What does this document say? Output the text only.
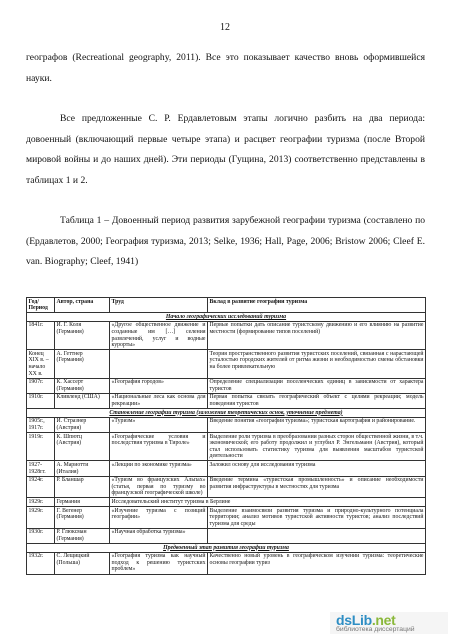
12

географов (Recreational geography, 2011). Все это показывает качество вновь оформившейся науки.

Все предложенные С. Р. Ердавлетовым этапы логично разбить на два периода: довоенный (включающий первые четыре этапа) и расцвет географии туризма (после Второй мировой войны и до наших дней). Эти периоды (Гущина, 2013) соответственно представлены в таблицах 1 и 2.

Таблица 1 – Довоенный период развития зарубежной географии туризма (составлено по (Ердавлетов, 2000; География туризма, 2013; Selke, 1936; Hall, Page, 2006; Bristow 2006; Cleef E. van. Biography; Cleef, 1941)

Год/ Период	Автор, страна	Труд	Вклад в развитие географии туризма
Начало географических исследований туризма			
1841г.	И. Г. Коля (Германия)	«Другое общественное движение и созданные им […] селения развлечений, услуг и водные курорты»	Первые попытки дать описание туристскому движению и его влиянию на развитие местности (формирование типов поселений)
Конец XIX в. – начало XX в.	А. Геттнер (Германия)		Теория пространственного развития туристских поселений, связанная с нарастающей усталостью городских жителей от ритма жизни и необходимостью смены обстановки на более привлекательную
1907г.	К. Хассерт (Германия)	«География городов»	Определение специализации поселенческих единиц в зависимости от характера туристов
1910г.	Кливленд (США)	«Национальные леса как основа для рекреации»	Первая попытка связать географический объект с целями рекреации; модель поведения туристов
Становление географии туризма (заложение теоретических основ, уточнение предмета)			
1905г., 1917г.	И. Стразнер (Австрия)	«Туризм»	Введение понятия «география туризма»; туристская картография и районирование.
1919г.	К. Шпютц (Австрия)	«Географические условия и последствия туризма в Тироле»	Выделение роли туризма в преобразовании разных сторон общественной жизни, в т.ч. экономической; его работу продолжил и углубил Р. Энгельманн (Австрия), который стал использовать статистику туризма для выявления масштабов туристской деятельности
1927-1928гг.	А. Мариотти (Италия)	«Лекции по экономике туризма»	Заложил основу для исследования туризма
1924г.	Р. Бланшар	«Туризм во французских Альпах» (статья, первая по туризму во французской географической школе)	Введение термина «туристская промышленность» и описание необходимости развития инфраструктуры в местностях для туризма
1929г.	Германия	Исследовательский институт туризма в Берлине	
1929г.	Г. Вегенер (Германия)	«Изучение туризма с позиций географии»	Выделение взаимосвязи развития туризма и природно-культурного потенциала территории; анализ мотивов туристской активности туристов; анализ последствий туризма для среды
1930г.	Р. Глюксман (Германия)	«Научная обработка туризма»	
Предвоенный этап развития географии туризма			
1932г.	С. Лещицкий (Польша)	«География туризма как научный подход к решению туристских проблем»	Качественно новый уровень в географическом изучении туризма: теоретические основы географии туриз
dsLib.net
библиотека диссертаций
